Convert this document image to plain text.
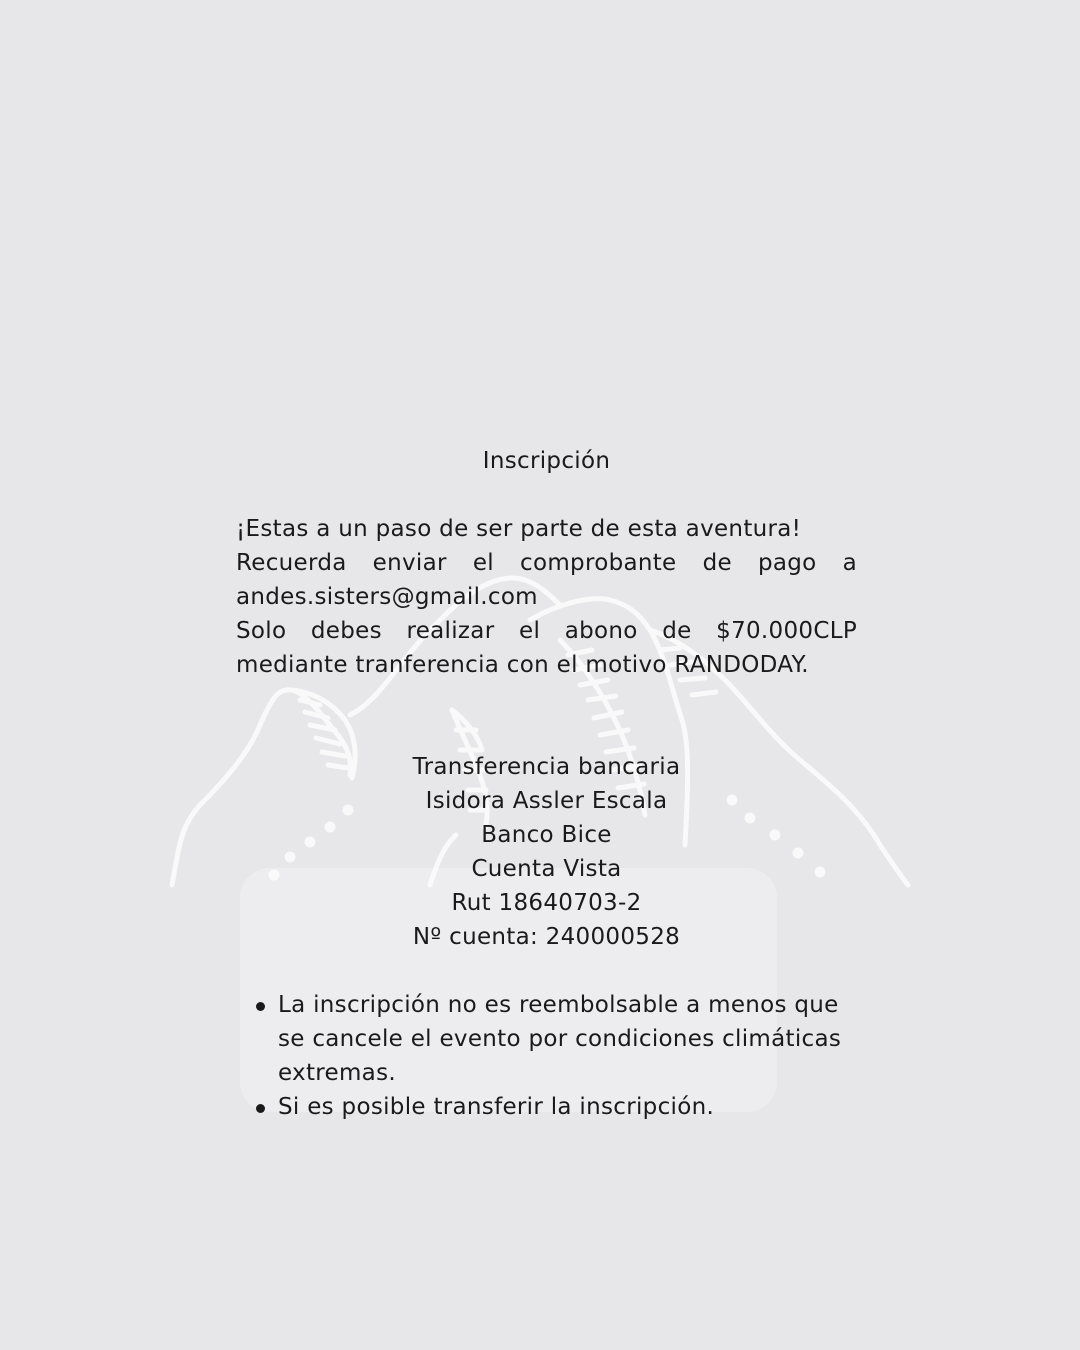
Inscripción

¡Estas a un paso de ser parte de esta aventura!
Recuerda enviar el comprobante de pago a andes.sisters@gmail.com
Solo debes realizar el abono de $70.000CLP mediante tranferencia con el motivo RANDODAY.

Transferencia bancaria
Isidora Assler Escala
Banco Bice
Cuenta Vista
Rut 18640703-2
Nº cuenta: 240000528
La inscripción no es reembolsable a menos que se cancele el evento por condiciones climáticas extremas.
Si es posible transferir la inscripción.
